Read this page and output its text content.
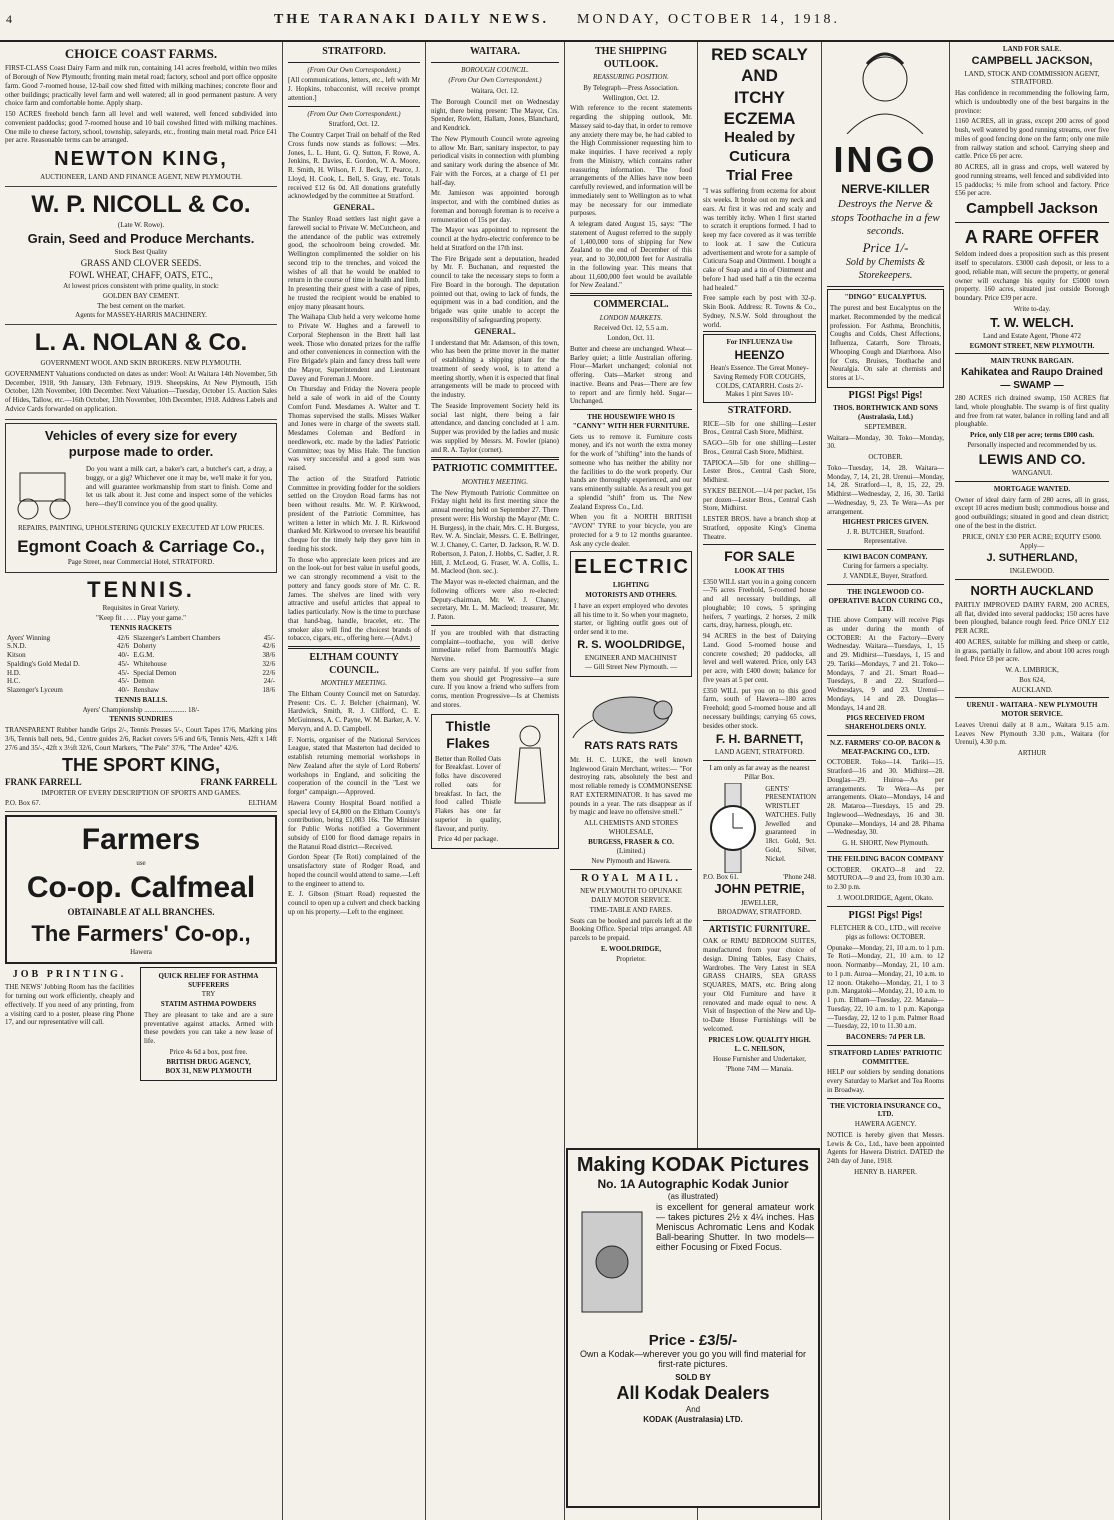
4	THE TARANAKI DAILY NEWS. MONDAY, OCTOBER 14, 1918.
CHOICE COAST FARMS.
FIRST-CLASS Coast Dairy Farm and milk run, containing 141 acres freehold, within two miles of Borough of New Plymouth; fronting main metal road; factory, school and port office opposite farm. Good 7-roomed house, 12-bail cow shed fitted with milking machines; concrete floor and other buildings; practically level farm and well watered; all in good permanent pasture. A very choice farm and comfortable home. Apply sharp.
150 ACRES freehold bench farm all level and well watered, well fenced subdivided into convenient paddocks; good 7-roomed house and 10 bail cowshed fitted with milking machines. One mile to cheese factory, school, township, saleyards, etc., fronting main metal road. Price £41 per acre. Reasonable terms can be arranged.
NEWTON KING,
AUCTIONEER, LAND AND FINANCE AGENT, NEW PLYMOUTH.
W. P. NICOLL & Co.
(Late W. Rowe).
Grain, Seed and Produce Merchants.
Stock Best Quality
GRASS AND CLOVER SEEDS.
FOWL WHEAT, CHAFF, OATS, ETC.,
At lowest prices consistent with prime quality, in stock:
GOLDEN BAY CEMENT.
The best cement on the market.
Agents for MASSEY-HARRIS MACHINERY.
L. A. NOLAN & Co.
GOVERNMENT WOOL AND SKIN BROKERS. NEW PLYMOUTH.
GOVERNMENT Valuations conducted on dates as under: Wool: At Waitara 14th November, 5th December, 1918, 9th January, 13th February, 1919. Sheepskins, At New Plymouth, 15th October, 12th November, 10th December. Next Valuation—Tuesday, October 15. Auction Sales of Hides, Tallow, etc.—16th October, 13th November, 10th December, 1918. Address Labels and Advice Cards forwarded on application.
Vehicles of every size for every
purpose made to order.
Do you want a milk cart, a baker's cart, a butcher's cart, a dray, a buggy, or a gig? Whichever one it may be, we'll make it for you, and will guarantee workmanship from start to finish. Come and let us talk about it. Just come and inspect some of the vehicles here—they'll convince you of the good quality.
REPAIRS, PAINTING, UPHOLSTERING QUICKLY EXECUTED AT LOW PRICES.
Egmont Coach & Carriage Co.,
Page Street, near Commercial Hotel, STRATFORD.
TENNIS.
Requisites in Great Variety.
"Keep fit . . . . Play your game."
TENNIS RACKETS
Ayers' Winning	42/6	Slazenger's Lambert Chambers	45/-
S.N.D.	42/6	Doherty	42/6
Kitson	40/-	E.G.M.	38/6
Spalding's Gold Medal D.	45/-	Whitehouse	32/6
H.D.	45/-	Special Demon	22/6
H.C.	45/-	Demon	24/-
Slazenger's Lyceum	40/-	Renshaw	18/6
TENNIS BALLS.
Ayers' Championship ........................ 18/-
TENNIS SUNDRIES
TRANSPARENT Rubber handle Grips 2/-, Tennis Presses 5/-, Court Tapes 17/6, Marking pins 3/6, Tennis ball nets, 9d., Centre guides 2/6, Racket covers 5/6 and 6/6, Tennis Nets, 42ft x 14ft 27/6 and 35/-, 42ft x 3½ft 32/6, Court Markers, "The Pale" 37/6, "The Ardee" 42/6.
THE SPORT KING,
FRANK FARRELL	FRANK FARRELL
IMPORTER OF EVERY DESCRIPTION OF SPORTS AND GAMES.
P.O. Box 67.	ELTHAM
Farmers
use
Co-op. Calfmeal
OBTAINABLE AT ALL BRANCHES.
The Farmers' Co-op.,
Hawera
JOB PRINTING.
THE NEWS' Jobbing Room has the facilities for turning out work efficiently, cheaply and effectively. If you need of any printing, from a visiting card to a poster, please ring Phone 17, and our representative will call.
QUICK RELIEF FOR ASTHMA SUFFERERS
TRY
STATIM ASTHMA POWDERS
They are pleasant to take and are a sure preventative against attacks. Armed with these powders you can take a new lease of life.
Price 4s 6d a box, post free.
BRITISH DRUG AGENCY,
BOX 31, NEW PLYMOUTH
STRATFORD.
(From Our Own Correspondent.)
[All communications, letters, etc., left with Mr J. Hopkins, tobacconist, will receive prompt attention.]
(From Our Own Correspondent.)
Stratford, Oct. 12.
The Country Carpet Trail on behalf of the Red Cross funds now stands as follows: —Mrs. Jones, L. L. Hunt, G. Q. Sutton, F. Rowe, A. Jenkins, R. Davies, E. Gordon, W. A. Moore, R. Smith, H. Wilson, F. J. Beck, T. Pearce, J. Lloyd, H. Cook, L. Bell, S. Gray, etc. Totals received £12 6s 0d. All donations gratefully acknowledged by the committee at Stratford.
GENERAL.
The Stanley Road settlers last night gave a farewell social to Private W. McCutcheon, and the attendance of the public was extremely good, the schoolroom being crowded. Mr. Wellington complimented the soldier on his second trip to the trenches, and voiced the wishes of all that he would be enabled to return in the course of time in health and limb. In presenting their guest with a case of pipes, he trusted the recipient would be enabled to enjoy many pleasant hours.
The Waihapa Club held a very welcome home to Private W. Hughes and a farewell to Corporal Stephenson in the Brett hall last week. Those who donated prizes for the raffle and other conveniences in connection with the Fire Brigade's plain and fancy dress ball were the Mayor, Superintendent and Lieutenant Davey and Foreman J. Moore.
On Thursday and Friday the Novera people held a sale of work in aid of the County Comfort Fund. Mesdames A. Walter and T. Thomas supervised the stalls. Misses Walker and Jones were in charge of the sweets stall. Mesdames Coleman and Bedford in needlework, etc. made by the ladies' Patriotic Committee; teas by Miss Hale. The function was very successful and a good sum was raised.
The action of the Stratford Patriotic Committee in providing fodder for the soldiers settled on the Croydon Road farms has not been without results. Mr. W. P. Kirkwood, president of the Patriotic Committee, has written a letter in which Mr. J. R. Kirkwood thanked Mr. Kirkwood to oversee his beautiful cheque for the timely help they gave him in feeding his stock.
To those who appreciate keen prices and are on the look-out for best value in useful goods, we can strongly recommend a visit to the pottery and fancy goods store of Mr. C. R. James. The shelves are lined with very attractive and useful articles that appeal to ladies particularly. Now is the time to purchase that hand-bag, handle, bracelet, etc. The smoker also will find the choicest brands of tobacco, cigars, etc., offering here.—(Advt.)
ELTHAM COUNTY COUNCIL.
MONTHLY MEETING.
The Eltham County Council met on Saturday. Present: Crs. C. J. Belcher (chairman), W. Hardwick, Smith, R. J. Clifford, C. E. McGuinness, A. C. Payne, W. M. Barker, A. V. Mervyn, and A. D. Campbell.
F. Norris, organiser of the National Services League, stated that Masterton had decided to establish returning memorial workshops in New Zealand after the style of Lord Roberts' workshops in England, and soliciting the cooperation of the council in the "Lest we forget" campaign.—Approved.
Hawera County Hospital Board notified a special levy of £4,800 on the Eltham County's contribution, being £1,083 16s. The Minister for Public Works notified a Government subsidy of £100 for flood damage repairs in the Ratanui Road district—Received.
Gordon Spear (Te Roti) complained of the unsatisfactory state of Rodger Road, and hoped the council would attend to same.—Left to the engineer to attend to.
E. J. Gibson (Stuart Road) requested the council to open up a culvert and check backing up on his property.—Left to the engineer.
WAITARA.
BOROUGH COUNCIL.
(From Our Own Correspondent.)
Waitara, Oct. 12.
The Borough Council met on Wednesday night, there being present: The Mayor, Crs. Spender, Rowlett, Hallam, Jones, Blanchard, and Kendrick.
The New Plymouth Council wrote agreeing to allow Mr. Barr, sanitary inspector, to pay periodical visits in connection with plumbing and sanitary work during the absence of Mr. Fair with the Forces, at a charge of £1 per half-day.
Mr. Jamieson was appointed borough inspector, and with the combined duties as foreman and borough foreman is to receive a remuneration of 15s per day.
The Mayor was appointed to represent the council at the hydro-electric conference to be held at Stratford on the 17th inst.
The Fire Brigade sent a deputation, headed by Mr. F. Buchanan, and requested the council to take the necessary steps to form a Fire Board in the borough. The deputation pointed out that, owing to lack of funds, the equipment was in a bad condition, and the brigade was quite unable to accept the responsibility of safeguarding property.
GENERAL.
I understand that Mr. Adamson, of this town, who has been the prime mover in the matter of establishing a shipping plant for the treatment of seedy wool, is to attend a meeting shortly, when it is expected that final arrangements will be made to proceed with the industry.
The Seaside Improvement Society held its social last night, there being a fair attendance, and dancing concluded at 1 a.m. Supper was provided by the ladies and music was supplied by Messrs. M. Fowler (piano) and R. A. Taylor (cornet).
PATRIOTIC COMMITTEE.
MONTHLY MEETING.
The New Plymouth Patriotic Committee on Friday night held its first meeting since the annual meeting held on September 27. There present were: His Worship the Mayor (Mr. C. H. Burgess), in the chair, Mrs. C. H. Burgess, Rev. W. A. Sinclair, Messrs. C. E. Bellringer, W. J. Chaney, C. Carter, D. Jackson, R. W. D. Robertson, J. Paton, J. Hobbs, C. Sadler, J. R. Hill, J. McLeod, G. Fraser, W. A. Collis, L. M. Macleod (hon. sec.).
The Mayor was re-elected chairman, and the following officers were also re-elected: Deputy-chairman, Mr. W. J. Chaney; secretary, Mr. L. M. Macleod; treasurer, Mr. J. Paton.
If you are troubled with that distracting complaint—toothache, you will derive immediate relief from Barmouth's Magic Nervine.
Corns are very painful. If you suffer from them you should get Progressive—a sure cure. If you know a friend who suffers from corns, mention Progressive—Is at Chemists and stores.
Thistle Flakes
Better than Rolled Oats for Breakfast. Lover of folks have discovered rolled oats for breakfast. In fact, the food called Thistle Flakes has one far superior in quality, flavour, and purity.
Price 4d per package.
THE SHIPPING OUTLOOK.
REASSURING POSITION.
By Telegraph—Press Association.
Wellington, Oct. 12.
With reference to the recent statements regarding the shipping outlook, Mr. Massey said to-day that, in order to remove any anxiety there may be, he had cabled to the High Commissioner requesting him to make inquiries. I have received a reply from the Ministry, which contains rather reassuring information. The food arrangements of the Allies have now been carefully reviewed, and information will be immediately sent to Wellington as to what may be necessary for our immediate purposes.
A telegram dated August 15, says: "The statement of August referred to the supply of 1,400,000 tons of shipping for New Zealand to the end of December of this year, and to 30,000,000 feet for Australia in the following year. This means that about 11,600,000 feet would be available for New Zealand."
COMMERCIAL.
LONDON MARKETS.
Received Oct. 12, 5.5 a.m.
London, Oct. 11.
Butter and cheese are unchanged. Wheat—Barley quiet; a little Australian offering. Flour—Market unchanged; colonial not offering. Oats—Market strong and inactive. Beans and Peas—There are few to report and are firmly held. Sugar—Unchanged.
THE HOUSEWIFE WHO IS "CANNY" WITH HER FURNITURE.
Gets us to remove it. Furniture costs money, and it's not worth the extra money for the work of "shifting" into the hands of someone who has neither the ability nor the facilities to do the work properly. Our hands are thoroughly experienced, and our vans eminently suitable. As a result you get a splendid "shift" from us. The New Zealand Express Co., Ltd.
When you fit a NORTH BRITISH "AVON" TYRE to your bicycle, you are protected for a 9 to 12 months guarantee. Ask any cycle dealer.
ELECTRIC
LIGHTING
MOTORISTS AND OTHERS.
I have an expert employed who devotes all his time to it. So when your magneto, starter, or lighting outfit goes out of order send it to me.
R. S. WOOLDRIDGE,
ENGINEER AND MACHINIST
— Gill Street New Plymouth. —
RATS RATS RATS
Mr. H. C. LUKE, the well known Inglewood Grain Merchant, writes:— "For destroying rats, absolutely the best and most reliable remedy is COMMONSENSE RAT EXTERMINATOR. It has saved me pounds in a year. The rats disappear as if by magic and leave no offensive smell."
ALL CHEMISTS AND STORES WHOLESALE,
BURGESS, FRASER & CO.
(Limited.)
New Plymouth and Hawera.
ROYAL MAIL.
NEW PLYMOUTH TO OPUNAKE DAILY MOTOR SERVICE.
TIME-TABLE AND FARES.
Seats can be booked and parcels left at the Booking Office. Special trips arranged. All parcels to be prepaid.
E. WOOLDRIDGE,
Proprietor.
Making KODAK Pictures
No. 1A Autographic Kodak Junior
(as illustrated)
is excellent for general amateur work — takes pictures 2½ x 4¼ inches. Has Meniscus Achromatic Lens and Kodak Ball-bearing Shutter. In two models—either Focusing or Fixed Focus.
Price - £3/5/-
Own a Kodak—wherever you go you will find material for first-rate pictures.
SOLD BY
All Kodak Dealers
And
KODAK (Australasia) LTD.
RED SCALY AND
ITCHY ECZEMA
Healed by Cuticura
Trial Free
"I was suffering from eczema for about six weeks. It broke out on my neck and ears. At first it was red and scaly and was terribly itchy. When I first started to scratch it eruptions formed. I had to keep my face covered as it was terrible to look at. I saw the Cuticura advertisement and wrote for a sample of Cuticura Soap and Ointment. I bought a cake of Soap and a tin of Ointment and before I had used half a tin the eczema had healed."
Free sample each by post with 32-p. Skin Book. Address: R. Towns & Co., Sydney, N.S.W. Sold throughout the world.
For INFLUENZA Use
HEENZO
Hean's Essence. The Great Money-Saving Remedy FOR COUGHS, COLDS, CATARRH. Costs 2/- Makes 1 pint Saves 10/-
STRATFORD.
RICE—5lb for one shilling—Lester Bros., Central Cash Store, Midhirst.
SAGO—5lb for one shilling—Lester Bros., Central Cash Store, Midhirst.
TAPIOCA—5lb for one shilling—Lester Bros., Central Cash Store, Midhirst.
SYKES' BEENOL—1/4 per packet, 15s per dozen—Lester Bros., Central Cash Store, Midhirst.
LESTER BROS. have a branch shop at Stratford, opposite King's Cinema Theatre.
FOR SALE
LOOK AT THIS
£350 WILL start you in a going concern—76 acres Freehold, 5-roomed house and all necessary buildings, all ploughable; 10 cows, 5 springing heifers, 7 yearlings, 2 horses, 2 milk carts, dray, harness, plough, etc.
94 ACRES in the best of Dairying Land. Good 5-roomed house and concrete cowshed; 20 paddocks, all level and well watered. Price, only £43 per acre, with £400 down; balance for five years at 5 per cent.
£350 WILL put you on to this good farm, south of Hawera—180 acres Freehold; good 5-roomed house and all necessary buildings; carrying 65 cows, besides other stock.
F. H. BARNETT,
LAND AGENT, STRATFORD.
I am only as far away as the nearest Pillar Box.
GENTS' PRESENTATION WRISTLET WATCHES. Fully Jewelled and guaranteed in 18ct. Gold, 9ct. Gold, Silver, Nickel.
P.O. Box 61.	'Phone 248.
JOHN PETRIE,
JEWELLER,
BROADWAY, STRATFORD.
ARTISTIC FURNITURE.
OAK or RIMU BEDROOM SUITES, manufactured from your choice of design. Dining Tables, Easy Chairs, Wardrobes. The Very Latest in SEA GRASS CHAIRS, SEA GRASS SQUARES, MATS, etc. Bring along your Old Furniture and have it renovated and made equal to new. A Visit of Inspection of the New and Up-to-Date House Furnishings will be welcomed.
PRICES LOW. QUALITY HIGH.
L. C. NEILSON,
House Furnisher and Undertaker,
'Phone 74M — Manaia.
INGO
NERVE-KILLER
Destroys the Nerve & stops Toothache in a few seconds.
Price 1/-
Sold by Chemists & Storekeepers.
"DINGO" EUCALYPTUS.
The purest and best Eucalyptus on the market. Recommended by the medical profession. For Asthma, Bronchitis, Coughs and Colds, Chest Affections, Influenza, Catarrh, Sore Throats, Whooping Cough and Diarrhoea. Also for Cuts, Bruises, Toothache and Neuralgia. On sale at chemists and stores at 1/-.
PIGS! Pigs! Pigs!
THOS. BORTHWICK AND SONS (Australasia, Ltd.)
SEPTEMBER.
Waitara—Monday, 30. Toko—Monday, 30.
OCTOBER.
Toko—Tuesday, 14, 28. Waitara—Monday, 7, 14, 21, 28. Urenui—Monday, 14, 28. Stratford—1, 8, 15, 22, 29. Midhirst—Wednesday, 2, 16, 30. Tariki—Wednesday, 9, 23. Te Wera—As per arrangement.
HIGHEST PRICES GIVEN.
J. R. BUTCHER, Stratford. Representative.
KIWI BACON COMPANY.
Curing for farmers a specialty.
J. VANDLE, Buyer, Stratford.
THE INGLEWOOD CO-OPERATIVE BACON CURING CO., LTD.
THE above Company will receive Pigs as under during the month of OCTOBER: At the Factory—Every Wednesday. Waitara—Tuesdays, 1, 15 and 29. Midhirst—Tuesdays, 1, 15 and 29. Tariki—Mondays, 7 and 21. Toko—Mondays, 7 and 21. Smart Road—Tuesdays, 8 and 22. Stratford—Wednesdays, 9 and 23. Urenui—Mondays, 14 and 28. Douglas—Mondays, 14 and 28.
PIGS RECEIVED FROM SHAREHOLDERS ONLY.
N.Z. FARMERS' CO-OP. BACON & MEAT-PACKING CO., LTD.
OCTOBER. Toko—14. Tariki—15. Stratford—16 and 30. Midhirst—28. Douglas—29. Huiroa—As per arrangements. Te Wera—As per arrangements. Okato—Mondays, 14 and 28. Mataroa—Tuesdays, 15 and 29. Inglewood—Wednesdays, 16 and 30. Opunake—Mondays, 14 and 28. Pihama—Wednesday, 30.
G. H. SHORT, New Plymouth.
THE FEILDING BACON COMPANY
OCTOBER. OKATO—8 and 22. MOTUROA—9 and 23, from 10.30 a.m. to 2.30 p.m.
J. WOOLDRIDGE, Agent, Okato.
PIGS! Pigs! Pigs!
FLETCHER & CO., LTD., will receive pigs as follows: OCTOBER.
Opunake—Monday, 21, 10 a.m. to 1 p.m. Te Roti—Monday, 21, 10 a.m. to 12 noon. Normanby—Monday, 21, 10 a.m. to 1 p.m. Auroa—Monday, 21, 10 a.m. to 12 noon. Otakeho—Monday, 21, 1 to 3 p.m. Mangatoki—Monday, 21, 10 a.m. to 1 p.m. Eltham—Tuesday, 22. Manaia—Tuesday, 22, 10 a.m. to 1 p.m. Kaponga—Tuesday, 22, 12 to 1 p.m. Palmer Road—Tuesday, 22, 10 to 11.30 a.m.
BACONERS: 7d PER LB.
STRATFORD LADIES' PATRIOTIC COMMITTEE.
HELP our soldiers by sending donations every Saturday to Market and Tea Rooms in Broadway.
THE VICTORIA INSURANCE CO., LTD.
HAWERA AGENCY.
NOTICE is hereby given that Messrs. Lewis & Co., Ltd., have been appointed Agents for Hawera District. DATED the 24th day of June, 1918.
HENRY B. HARPER.
LAND FOR SALE.
CAMPBELL JACKSON,
LAND, STOCK AND COMMISSION AGENT, STRATFORD.
Has confidence in recommending the following farm, which is undoubtedly one of the best bargains in the province:
1160 ACRES, all in grass, except 200 acres of good bush, well watered by good running streams, over five miles of good fencing done on the farm; only one mile from railway station and school. Carrying sheep and cattle. Price £6 per acre.
80 ACRES, all in grass and crops, well watered by good running streams, well fenced and subdivided into 15 paddocks; ½ mile from school and factory. Price £56 per acre.
Campbell Jackson
A RARE OFFER
Seldom indeed does a proposition such as this present itself to speculators. £3000 cash deposit, or less to a good, reliable man, will secure the property, or general owner will exchange his equity for £5000 town property. 160 acres, situated just outside Borough boundary. Price £39 per acre.
Write to-day.
T. W. WELCH.
Land and Estate Agent, 'Phone 472
EGMONT STREET, NEW PLYMOUTH.
MAIN TRUNK BARGAIN.
Kahikatea and Raupo Drained
— SWAMP —
280 ACRES rich drained swamp, 150 ACRES flat land, whole ploughable. The swamp is of first quality and free from rat water, balance in rolling land and all ploughable.
Price, only £18 per acre; terms £800 cash.
Personally inspected and recommended by us.
LEWIS AND CO.
WANGANUI.
MORTGAGE WANTED.
Owner of ideal dairy farm of 280 acres, all in grass, except 10 acres medium bush; commodious house and good outbuildings; situated in good and clean district; one of the best in the district.
PRICE, ONLY £30 PER ACRE; EQUITY £5000.
Apply—
J. SUTHERLAND,
INGLEWOOD.
NORTH AUCKLAND
PARTLY IMPROVED DAIRY FARM, 200 ACRES, all flat, divided into several paddocks; 150 acres have been ploughed, balance rough feed. Price ONLY £12 PER ACRE.
400 ACRES, suitable for milking and sheep or cattle, in grass, partially in fallow, and about 100 acres rough feed. Price £8 per acre.
W. A. LIMBRICK,
Box 624,
AUCKLAND.
URENUI - WAITARA - NEW PLYMOUTH MOTOR SERVICE.
Leaves Urenui daily at 8 a.m., Waitara 9.15 a.m. Leaves New Plymouth 3.30 p.m., Waitara (for Urenui), 4.30 p.m.
ARTHUR
